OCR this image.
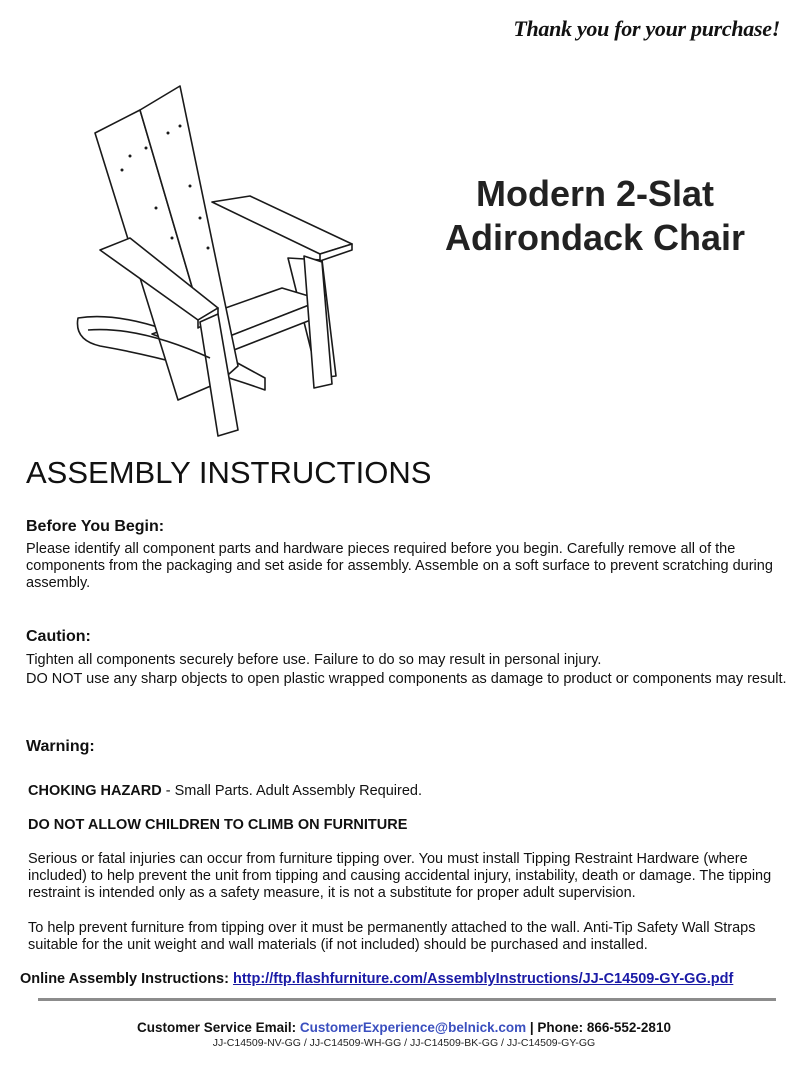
Thank you for your purchase!
Modern 2-Slat
Adirondack Chair
ASSEMBLY INSTRUCTIONS
Before You Begin:
Please identify all component parts and hardware pieces required before you begin. Carefully remove all of the components from the packaging and set aside for assembly. Assemble on a soft surface to prevent scratching during assembly.
Caution:
Tighten all components securely before use. Failure to do so may result in personal injury.
DO NOT use any sharp objects to open plastic wrapped components as damage to product or components may result.
Warning:
CHOKING HAZARD - Small Parts. Adult Assembly Required.
DO NOT ALLOW CHILDREN TO CLIMB ON FURNITURE
Serious or fatal injuries can occur from furniture tipping over. You must install Tipping Restraint Hardware (where included) to help prevent the unit from tipping and causing accidental injury, instability, death or damage. The tipping restraint is intended only as a safety measure, it is not a substitute for proper adult supervision.
To help prevent furniture from tipping over it must be permanently attached to the wall. Anti-Tip Safety Wall Straps suitable for the unit weight and wall materials (if not included) should be purchased and installed.
Online Assembly Instructions: http://ftp.flashfurniture.com/AssemblyInstructions/JJ-C14509-GY-GG.pdf
Customer Service Email: CustomerExperience@belnick.com | Phone: 866-552-2810
JJ-C14509-NV-GG / JJ-C14509-WH-GG / JJ-C14509-BK-GG / JJ-C14509-GY-GG
